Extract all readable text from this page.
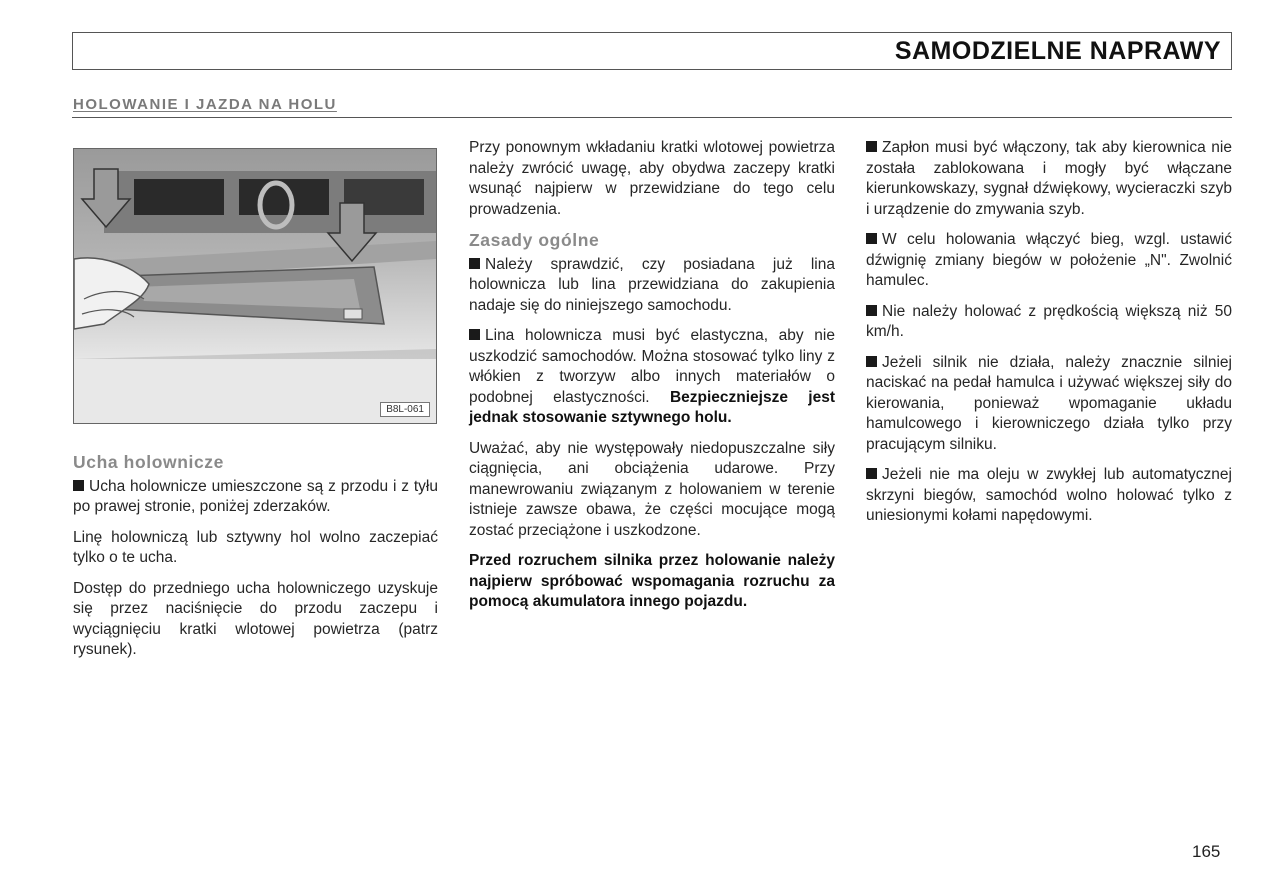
SAMODZIELNE NAPRAWY
HOLOWANIE I JAZDA NA HOLU
B8L-061
Ucha holownicze

Ucha holownicze umieszczone są z przodu i z tyłu po prawej stronie, poniżej zderzaków.

Linę holowniczą lub sztywny hol wolno zaczepiać tylko o te ucha.

Dostęp do przedniego ucha holowniczego uzyskuje się przez naciśnięcie do przodu zaczepu i wyciągnięciu kratki wlotowej powietrza (patrz rysunek).

Przy ponownym wkładaniu kratki wlotowej powietrza należy zwrócić uwagę, aby obydwa zaczepy kratki wsunąć najpierw w przewidziane do tego celu prowadzenia.

Zasady ogólne

Należy sprawdzić, czy posiadana już lina holownicza lub lina przewidziana do zakupienia nadaje się do niniejszego samochodu.

Lina holownicza musi być elastyczna, aby nie uszkodzić samochodów. Można stosować tylko liny z włókien z tworzyw albo innych materiałów o podobnej elastyczności. Bezpieczniejsze jest jednak stosowanie sztywnego holu.

Uważać, aby nie występowały niedopuszczalne siły ciągnięcia, ani obciążenia udarowe. Przy manewrowaniu związanym z holowaniem w terenie istnieje zawsze obawa, że części mocujące mogą zostać przeciążone i uszkodzone.

Przed rozruchem silnika przez holowanie należy najpierw spróbować wspomagania rozruchu za pomocą akumulatora innego pojazdu.

Zapłon musi być włączony, tak aby kierownica nie została zablokowana i mogły być włączane kierunkowskazy, sygnał dźwiękowy, wycieraczki szyb i urządzenie do zmywania szyb.

W celu holowania włączyć bieg, wzgl. ustawić dźwignię zmiany biegów w położenie „N". Zwolnić hamulec.

Nie należy holować z prędkością większą niż 50 km/h.

Jeżeli silnik nie działa, należy znacznie silniej naciskać na pedał hamulca i używać większej siły do kierowania, ponieważ wpomaganie układu hamulcowego i kierowniczego działa tylko przy pracującym silniku.

Jeżeli nie ma oleju w zwykłej lub automatycznej skrzyni biegów, samochód wolno holować tylko z uniesionymi kołami napędowymi.

165
